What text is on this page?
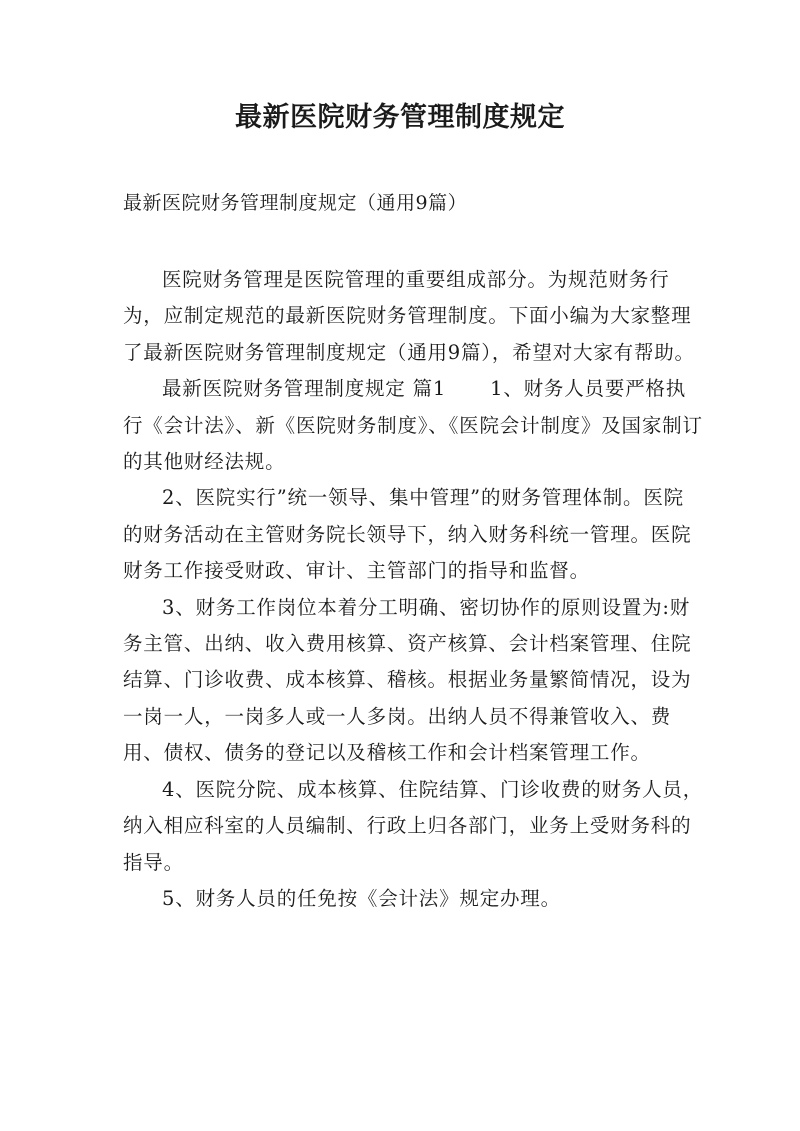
最新医院财务管理制度规定
最新医院财务管理制度规定（通用9篇）

医院财务管理是医院管理的重要组成部分。为规范财务行为，应制定规范的最新医院财务管理制度。下面小编为大家整理了最新医院财务管理制度规定（通用9篇），希望对大家有帮助。

最新医院财务管理制度规定 篇1 1、财务人员要严格执行《会计法》、新《医院财务制度》、《医院会计制度》及国家制订的其他财经法规。

2、医院实行”统一领导、集中管理”的财务管理体制。医院的财务活动在主管财务院长领导下，纳入财务科统一管理。医院财务工作接受财政、审计、主管部门的指导和监督。

3、财务工作岗位本着分工明确、密切协作的原则设置为:财务主管、出纳、收入费用核算、资产核算、会计档案管理、住院结算、门诊收费、成本核算、稽核。根据业务量繁简情况，设为一岗一人，一岗多人或一人多岗。出纳人员不得兼管收入、费用、债权、债务的登记以及稽核工作和会计档案管理工作。

4、医院分院、成本核算、住院结算、门诊收费的财务人员，纳入相应科室的人员编制、行政上归各部门，业务上受财务科的指导。

5、财务人员的任免按《会计法》规定办理。
